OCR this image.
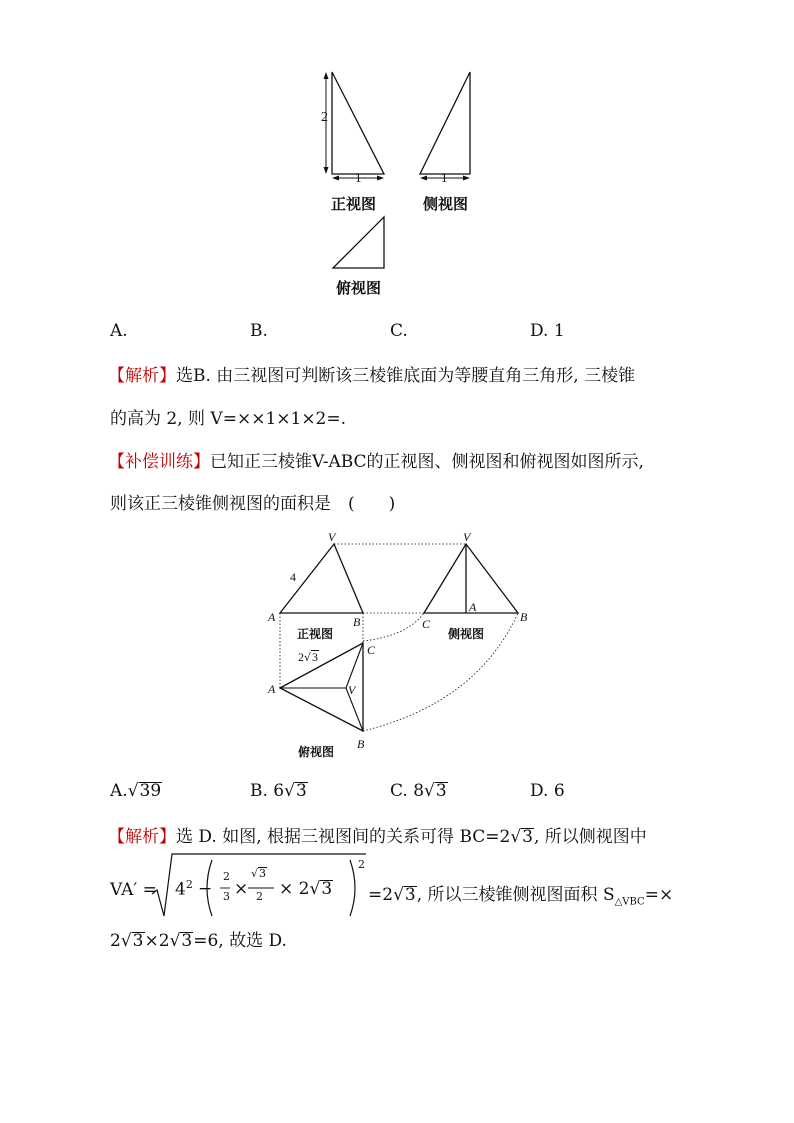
2
1	1
正视图	侧视图
俯视图
A.	B.	C.	D. 1
【解析】选B. 由三视图可判断该三棱锥底面为等腰直角三角形, 三棱锥
的高为 2, 则 V=××1×1×2=.
【补偿训练】已知正三棱锥V-ABC的正视图、侧视图和俯视图如图所示,
则该正三棱锥侧视图的面积是　(　　)
V
4
A	B
正视图
V
A
C	B
侧视图
2√3	C
A	V
B
俯视图
A.√39	B. 6√3	C. 8√3	D. 6
【解析】选 D. 如图, 根据三视图间的关系可得 BC=2√3, 所以侧视图中
$VA' = 4^2$ −
2
3 ×
√3
2 × 2√3
2
=2√3, 所以三棱锥侧视图面积 $S_{\triangle VBC}=\times$
2√3×2√3=6, 故选 D.
